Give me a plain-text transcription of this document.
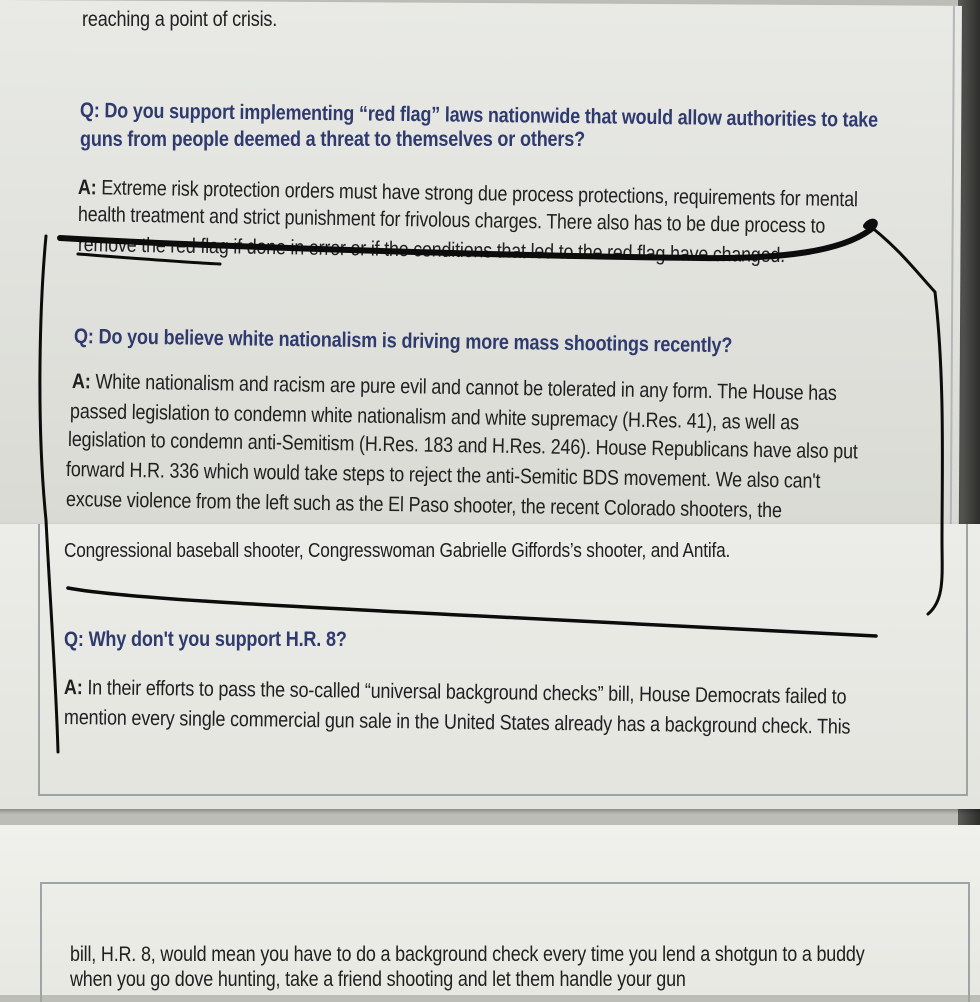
reaching a point of crisis.

Q: Do you support implementing “red flag” laws nationwide that would allow authorities to take

guns from people deemed a threat to themselves or others?

A: Extreme risk protection orders must have strong due process protections, requirements for mental

health treatment and strict punishment for frivolous charges. There also has to be due process to

remove the red flag if done in error or if the conditions that led to the red flag have changed.

Q: Do you believe white nationalism is driving more mass shootings recently?

A: White nationalism and racism are pure evil and cannot be tolerated in any form. The House has

passed legislation to condemn white nationalism and white supremacy (H.Res. 41), as well as

legislation to condemn anti-Semitism (H.Res. 183 and H.Res. 246). House Republicans have also put

forward H.R. 336 which would take steps to reject the anti-Semitic BDS movement. We also can't

excuse violence from the left such as the El Paso shooter, the recent Colorado shooters, the

Congressional baseball shooter, Congresswoman Gabrielle Giffords’s shooter, and Antifa.

Q: Why don't you support H.R. 8?

A: In their efforts to pass the so-called “universal background checks” bill, House Democrats failed to

mention every single commercial gun sale in the United States already has a background check. This

bill, H.R. 8, would mean you have to do a background check every time you lend a shotgun to a buddy

when you go dove hunting, take a friend shooting and let them handle your gun
